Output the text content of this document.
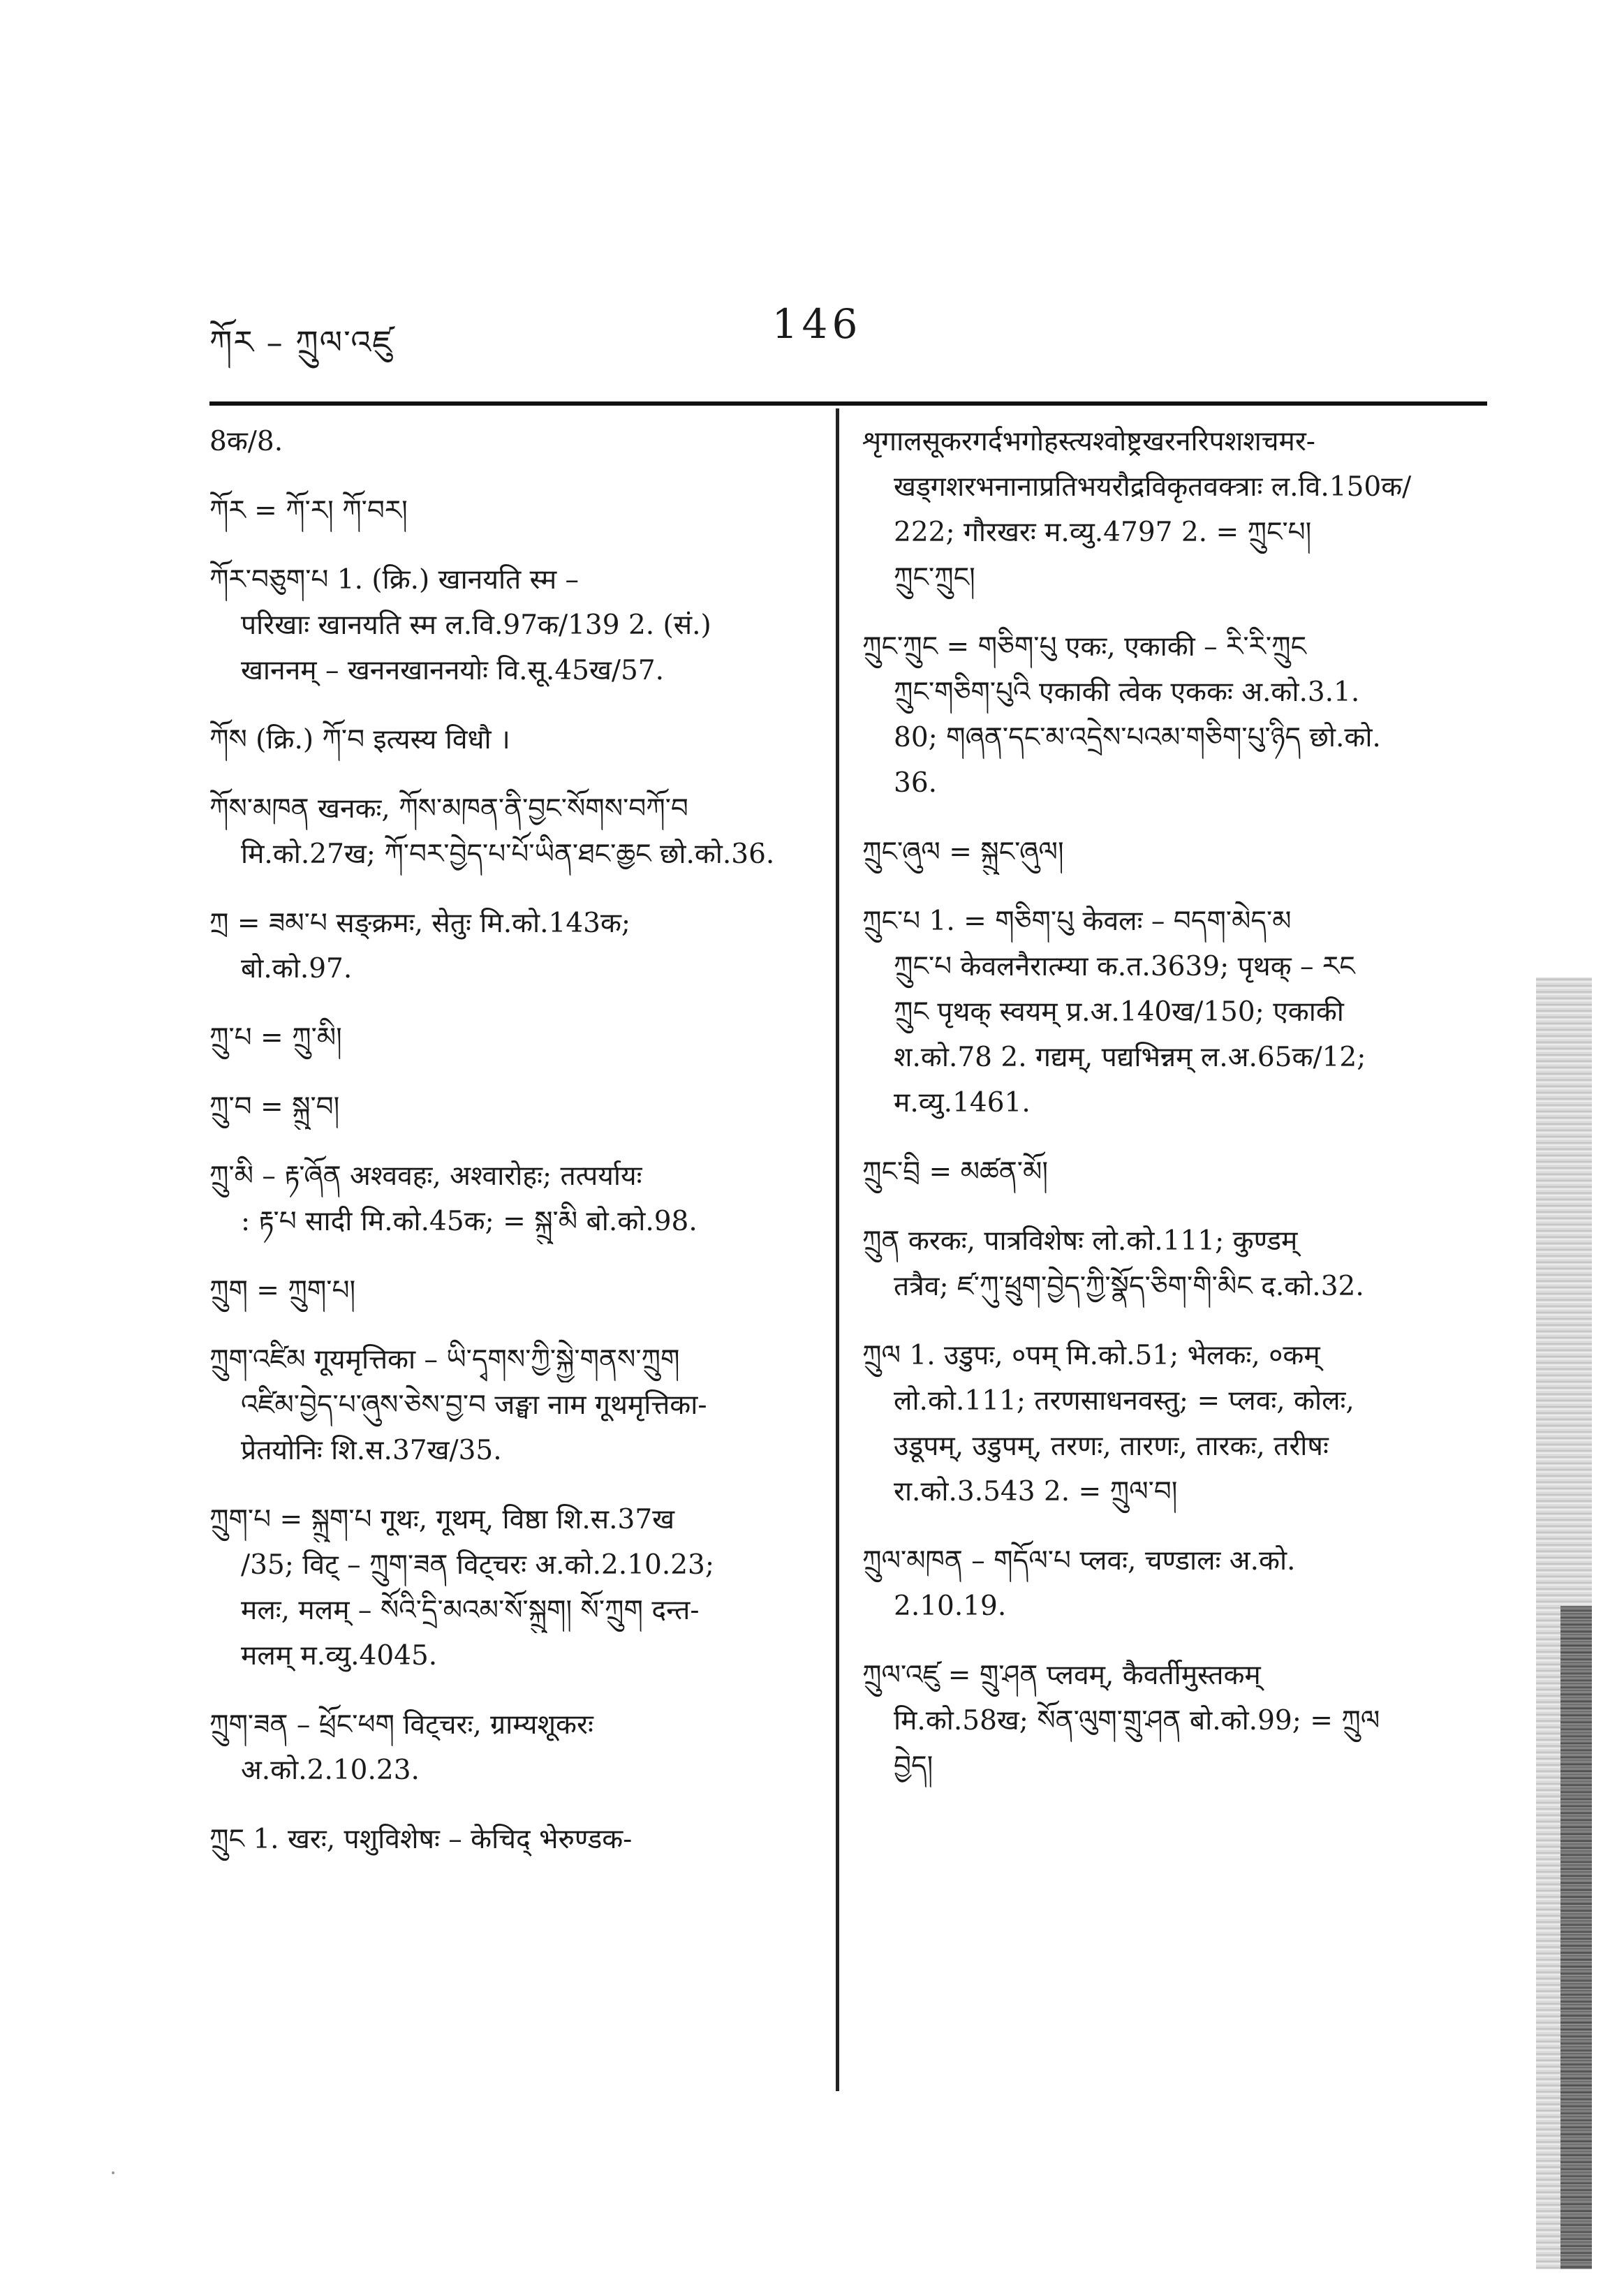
ཀོར – ཀྲུལ་འཛུ	146
8क/8.
ཀོར = ཀོ་ར། ཀོ་བར།
ཀོར་བཅུག་པ 1. (क्रि.) खानयति स्म –
परिखाः खानयति स्म ल.वि.97क/139 2. (सं.)
खाननम् – खननखाननयोः वि.सू.45ख/57.
ཀོས (क्रि.) ཀོ་བ इत्यस्य विधौ ।
ཀོས་མཁན खनकः, ཀོས་མཁན་ནི་བྱང་སོགས་བཀོ་བ
मि.को.27ख; ཀོ་བར་བྱེད་པ་པོ་ཡིན་ཐང་ཆྱང छो.को.36.
ཀྲ = ཟམ་པ सङ्क्रमः, सेतुः मि.को.143क;
बो.को.97.
ཀྲུ་པ = ཀྲུ་མི།
ཀྲུ་བ = སྐྲུ་བ།
ཀྲུ་མི – རྟ་ཞོན अश्ववहः, अश्वारोहः; तत्पर्यायः
: རྟ་པ सादी मि.को.45क; = སྐྲུ་མི बो.को.98.
ཀྲུག = ཀྲུག་པ།
ཀྲུག་འཛིམ गूयमृत्तिका – ཡི་དྭགས་ཀྱི་སྐྱེ་གནས་ཀྲུག
འཛིམ་བྱེད་པ་ཞུས་ཅེས་བྱ་བ जङ्घा नाम गूथमृत्तिका-
प्रेतयोनिः शि.स.37ख/35.
ཀྲུག་པ = སྐྲུག་པ गूथः, गूथम्, विष्ठा शि.स.37ख
/35; विट् – ཀྲུག་ཟན विट्चरः अ.को.2.10.23;
मलः, मलम् – སོའི་དྲི་མའམ་སོ་སྐྲུག། སོ་ཀྲུག दन्त-
मलम् म.व्यु.4045.
ཀྲུག་ཟན – ཕྲོང་ཕག विट्चरः, ग्राम्यशूकरः
अ.को.2.10.23.
ཀྲུང 1. खरः, पशुविशेषः – केचिद् भेरुण्डक-
शृगालसूकरगर्दभगोहस्त्यश्वोष्ट्रखरनरिपशशचमर-
खड्गशरभनानाप्रतिभयरौद्रविकृतवक्त्राः ल.वि.150क/
222; गौरखरः म.व्यु.4797 2. = ཀྲུང་པ།
ཀྲུང་ཀྲུང།
ཀྲུང་ཀྲུང = གཅིག་པུ एकः, एकाकी – རི་རི་ཀྲུང
ཀྲུང་གཅིག་པུའི एकाकी त्वेक एककः अ.को.3.1.
80; གཞན་དང་མ་འདྲེས་པའམ་གཅིག་པུ་ཉིད छो.को.
36.
ཀྲུང་ཞུལ = སྐྲུང་ཞུལ།
ཀྲུང་པ 1. = གཅིག་པུ केवलः – བདག་མེད་མ
ཀྲུང་པ केवलनैरात्म्या क.त.3639; पृथक् – རང
ཀྲུང पृथक् स्वयम् प्र.अ.140ख/150; एकाकी
श.को.78 2. गद्यम्, पद्यभिन्नम् ल.अ.65क/12;
म.व्यु.1461.
ཀྲུང་བྲི = མཚན་མོ།
ཀྲུན करकः, पात्रविशेषः लो.को.111; कुण्डम्
तत्रैव; ཛ་ཀུ་ཕྲུག་བྱེད་ཀྱི་སྣོད་ཅིག་གི་མིང द.को.32.
ཀྲུལ 1. उडुपः, ०पम् मि.को.51; भेलकः, ०कम्
लो.को.111; तरणसाधनवस्तु; = प्लवः, कोलः,
उडूपम्, उडुपम्, तरणः, तारणः, तारकः, तरीषः
रा.को.3.543 2. = ཀྲུལ་བ།
ཀྲུལ་མཁན – གདོལ་པ प्लवः, चण्डालः अ.को.
2.10.19.
ཀྲུལ་འཛུ = གྲུ་ཤན प्लवम्, कैवर्तीमुस्तकम्
मि.को.58ख; སོན་ལུག་གྲུ་ཤན बो.को.99; = ཀྲུལ
བྱེད།
